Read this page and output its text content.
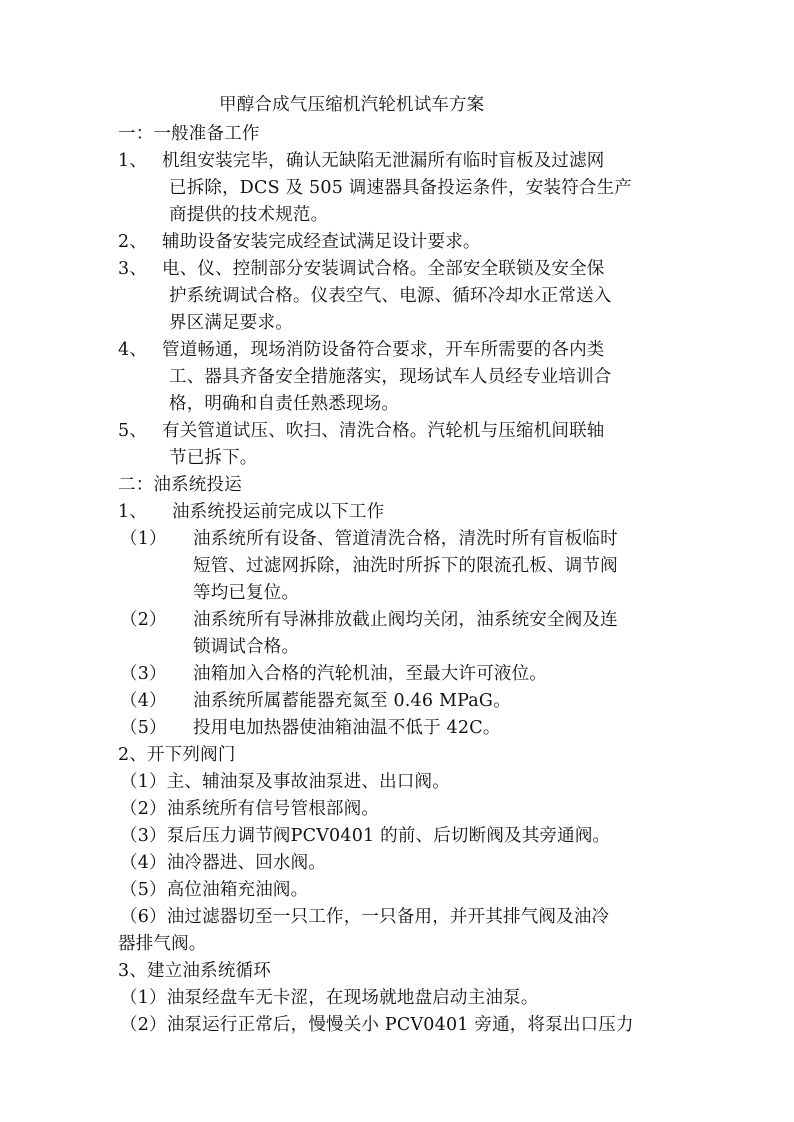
甲醇合成气压缩机汽轮机试车方案
一：一般准备工作
1、 机组安装完毕，确认无缺陷无泄漏所有临时盲板及过滤网
已拆除，DCS 及 505 调速器具备投运条件，安装符合生产
商提供的技术规范。
2、 辅助设备安装完成经查试满足设计要求。
3、 电、仪、控制部分安装调试合格。全部安全联锁及安全保
护系统调试合格。仪表空气、电源、循环冷却水正常送入
界区满足要求。
4、 管道畅通，现场消防设备符合要求，开车所需要的各内类
工、器具齐备安全措施落实，现场试车人员经专业培训合
格，明确和自责任熟悉现场。
5、 有关管道试压、吹扫、清洗合格。汽轮机与压缩机间联轴
节已拆下。
二：油系统投运
1、 油系统投运前完成以下工作
（1） 油系统所有设备、管道清洗合格，清洗时所有盲板临时
短管、过滤网拆除，油洗时所拆下的限流孔板、调节阀
等均已复位。
（2） 油系统所有导淋排放截止阀均关闭，油系统安全阀及连
锁调试合格。
（3） 油箱加入合格的汽轮机油，至最大许可液位。
（4） 油系统所属蓄能器充氮至 0.46 MPaG。
（5） 投用电加热器使油箱油温不低于 42C。
2、开下列阀门
（1）主、辅油泵及事故油泵进、出口阀。
（2）油系统所有信号管根部阀。
（3）泵后压力调节阀PCV0401 的前、后切断阀及其旁通阀。
（4）油冷器进、回水阀。
（5）高位油箱充油阀。
（6）油过滤器切至一只工作，一只备用，并开其排气阀及油冷
器排气阀。
3、建立油系统循环
（1）油泵经盘车无卡涩，在现场就地盘启动主油泵。
（2）油泵运行正常后，慢慢关小 PCV0401 旁通，将泵出口压力
